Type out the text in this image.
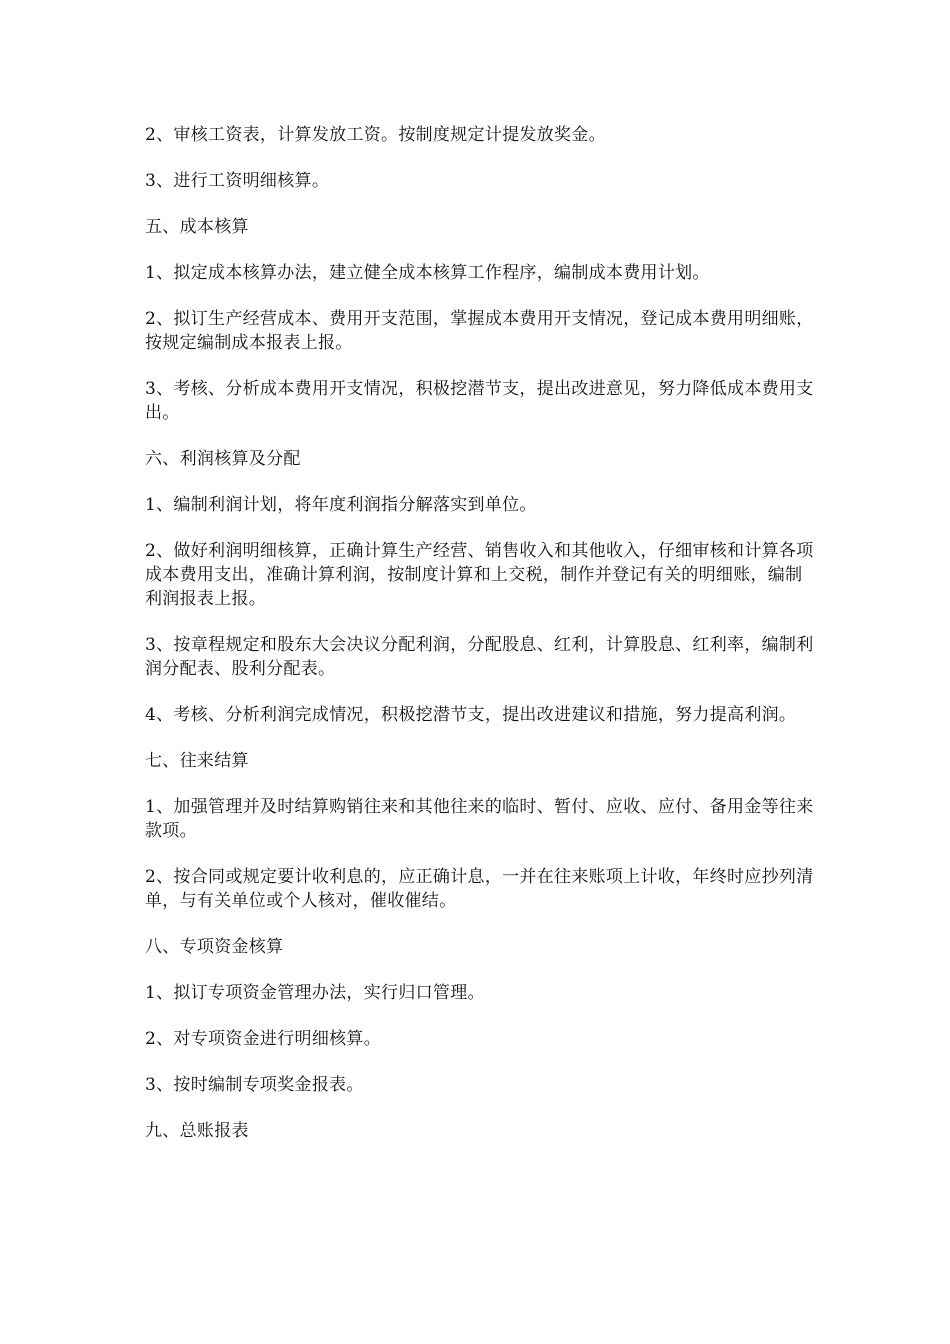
2、审核工资表，计算发放工资。按制度规定计提发放奖金。

3、进行工资明细核算。

五、成本核算

1、拟定成本核算办法，建立健全成本核算工作程序，编制成本费用计划。

2、拟订生产经营成本、费用开支范围，掌握成本费用开支情况，登记成本费用明细账，按规定编制成本报表上报。

3、考核、分析成本费用开支情况，积极挖潜节支，提出改进意见，努力降低成本费用支出。

六、利润核算及分配

1、编制利润计划，将年度利润指分解落实到单位。

2、做好利润明细核算，正确计算生产经营、销售收入和其他收入，仔细审核和计算各项成本费用支出，准确计算利润，按制度计算和上交税，制作并登记有关的明细账，编制利润报表上报。

3、按章程规定和股东大会决议分配利润，分配股息、红利，计算股息、红利率，编制利润分配表、股利分配表。

4、考核、分析利润完成情况，积极挖潜节支，提出改进建议和措施，努力提高利润。

七、往来结算

1、加强管理并及时结算购销往来和其他往来的临时、暂付、应收、应付、备用金等往来款项。

2、按合同或规定要计收利息的，应正确计息，一并在往来账项上计收，年终时应抄列清单，与有关单位或个人核对，催收催结。

八、专项资金核算

1、拟订专项资金管理办法，实行归口管理。

2、对专项资金进行明细核算。

3、按时编制专项奖金报表。

九、总账报表
